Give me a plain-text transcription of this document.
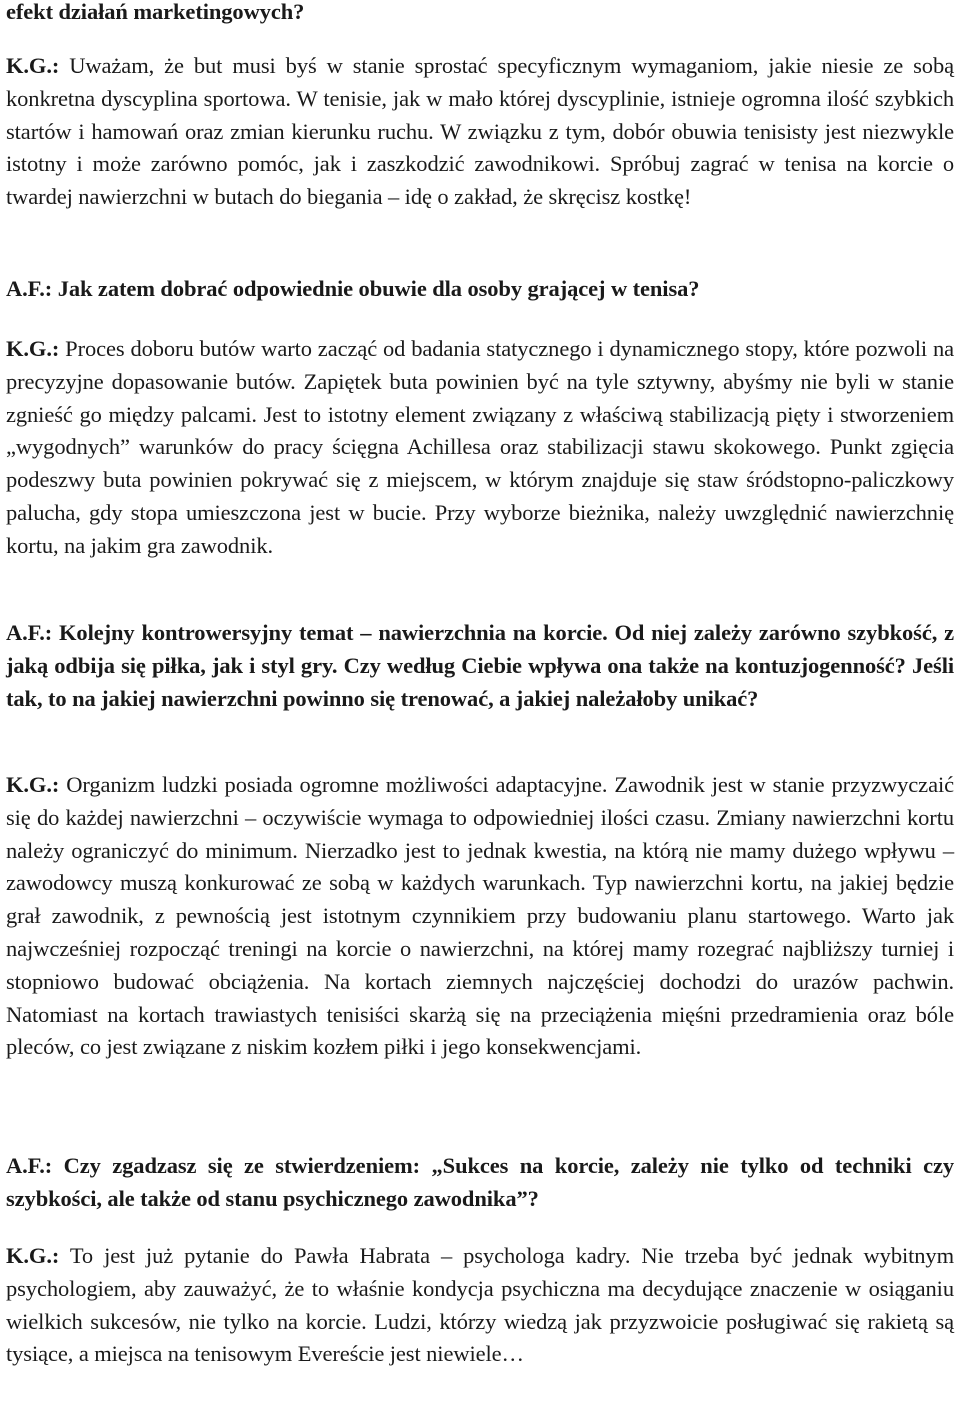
efekt działań marketingowych?

K.G.: Uważam, że but musi byś w stanie sprostać specyficznym wymaganiom, jakie niesie ze sobą konkretna dyscyplina sportowa. W tenisie, jak w mało której dyscyplinie, istnieje ogromna ilość szybkich startów i hamowań oraz zmian kierunku ruchu. W związku z tym, dobór obuwia tenisisty jest niezwykle istotny i może zarówno pomóc, jak i zaszkodzić zawodnikowi. Spróbuj zagrać w tenisa na korcie o twardej nawierzchni w butach do biegania – idę o zakład, że skręcisz kostkę!

A.F.: Jak zatem dobrać odpowiednie obuwie dla osoby grającej w tenisa?

K.G.: Proces doboru butów warto zacząć od badania statycznego i dynamicznego stopy, które pozwoli na precyzyjne dopasowanie butów. Zapiętek buta powinien być na tyle sztywny, abyśmy nie byli w stanie zgnieść go między palcami. Jest to istotny element związany z właściwą stabilizacją pięty i stworzeniem „wygodnych” warunków do pracy ścięgna Achillesa oraz stabilizacji stawu skokowego. Punkt zgięcia podeszwy buta powinien pokrywać się z miejscem, w którym znajduje się staw śródstopno-paliczkowy palucha, gdy stopa umieszczona jest w bucie. Przy wyborze bieżnika, należy uwzględnić nawierzchnię kortu, na jakim gra zawodnik.

A.F.: Kolejny kontrowersyjny temat – nawierzchnia na korcie. Od niej zależy zarówno szybkość, z jaką odbija się piłka, jak i styl gry. Czy według Ciebie wpływa ona także na kontuzjogenność? Jeśli tak, to na jakiej nawierzchni powinno się trenować, a jakiej należałoby unikać?

K.G.: Organizm ludzki posiada ogromne możliwości adaptacyjne. Zawodnik jest w stanie przyzwyczaić się do każdej nawierzchni – oczywiście wymaga to odpowiedniej ilości czasu. Zmiany nawierzchni kortu należy ograniczyć do minimum. Nierzadko jest to jednak kwestia, na którą nie mamy dużego wpływu – zawodowcy muszą konkurować ze sobą w każdych warunkach. Typ nawierzchni kortu, na jakiej będzie grał zawodnik, z pewnością jest istotnym czynnikiem przy budowaniu planu startowego. Warto jak najwcześniej rozpocząć treningi na korcie o nawierzchni, na której mamy rozegrać najbliższy turniej i stopniowo budować obciążenia. Na kortach ziemnych najczęściej dochodzi do urazów pachwin. Natomiast na kortach trawiastych tenisiści skarżą się na przeciążenia mięśni przedramienia oraz bóle pleców, co jest związane z niskim kozłem piłki i jego konsekwencjami.

A.F.: Czy zgadzasz się ze stwierdzeniem: „Sukces na korcie, zależy nie tylko od techniki czy szybkości, ale także od stanu psychicznego zawodnika”?

K.G.: To jest już pytanie do Pawła Habrata – psychologa kadry. Nie trzeba być jednak wybitnym psychologiem, aby zauważyć, że to właśnie kondycja psychiczna ma decydujące znaczenie w osiąganiu wielkich sukcesów, nie tylko na korcie. Ludzi, którzy wiedzą jak przyzwoicie posługiwać się rakietą są tysiące, a miejsca na tenisowym Evereście jest niewiele…
